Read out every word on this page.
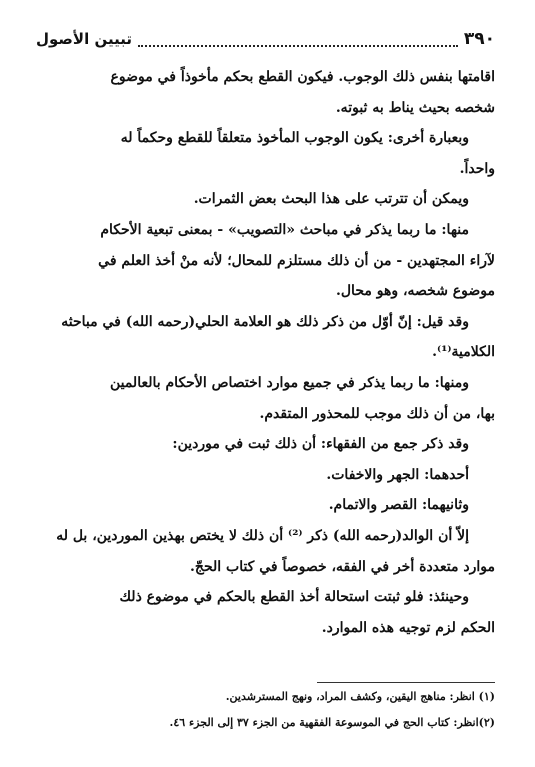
٣٩٠
تبيين الأصول

اقامتها بنفس ذلك الوجوب. فيكون القطع بحكم مأخوذاً في موضوع

شخصه بحيث يناط به ثبوته.

وبعبارة أخرى: يكون الوجوب المأخوذ متعلقاً للقطع وحكماً له

واحداً.

ويمكن أن تترتب على هذا البحث بعض الثمرات.

منها: ما ربما يذكر في مباحث «التصويب» - بمعنى تبعية الأحكام

لآراء المجتهدين - من أن ذلك مستلزم للمحال؛ لأنه منْ أخذ العلم في

موضوع شخصه، وهو محال.

وقد قيل: إنّ أوّل من ذكر ذلك هو العلامة الحلي(رحمه الله) في مباحثه

الكلامية⁽¹⁾.

ومنها: ما ربما يذكر في جميع موارد اختصاص الأحكام بالعالمين

بها، من أن ذلك موجب للمحذور المتقدم.

وقد ذكر جمع من الفقهاء: أن ذلك ثبت في موردين:

أحدهما: الجهر والاخفات.

وثانيهما: القصر والاتمام.

إلاّ أن الوالد(رحمه الله) ذكر ⁽²⁾ أن ذلك لا يختص بهذين الموردين، بل له

موارد متعددة أخر في الفقه، خصوصاً في كتاب الحجّ.

وحينئذ: فلو ثبتت استحالة أخذ القطع بالحكم في موضوع ذلك

الحكم لزم توجيه هذه الموارد.

(١) انظر: مناهج اليقين، وكشف المراد، ونهج المسترشدين.

(٢)انظر: كتاب الحج في الموسوعة الفقهية من الجزء ٣٧ إلى الجزء ٤٦.
